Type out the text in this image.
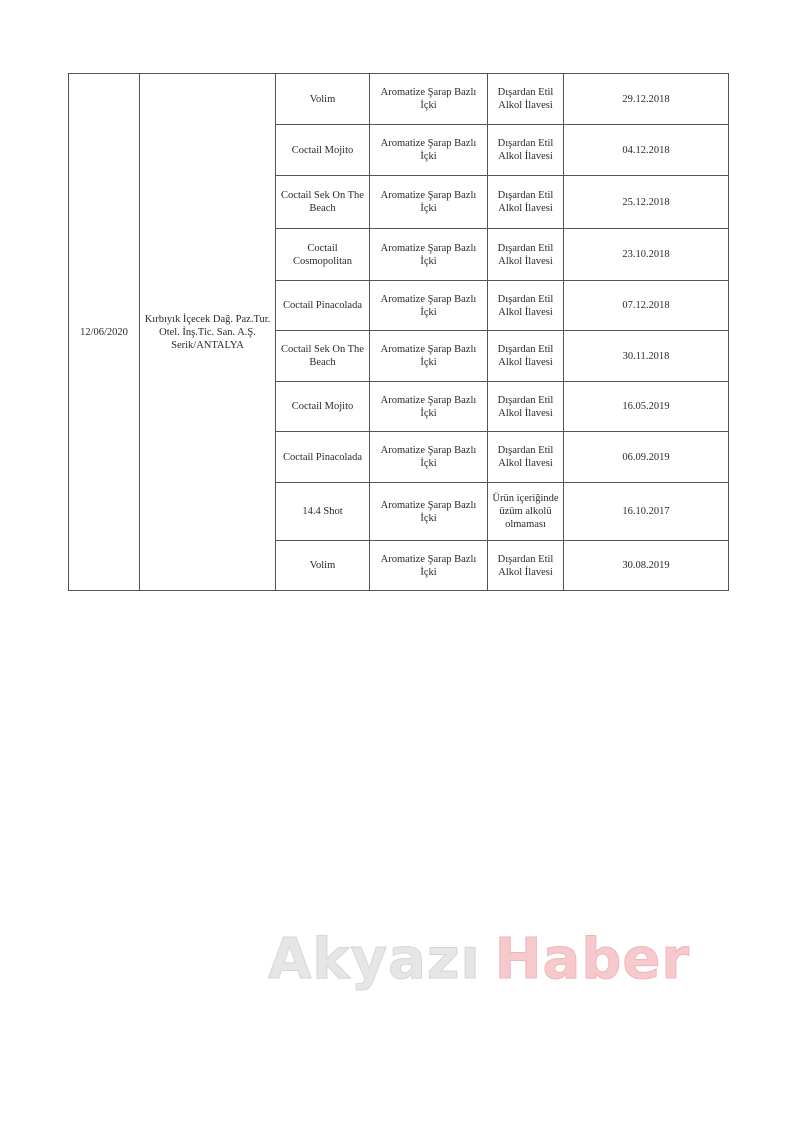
12/06/2020	Kırbıyık İçecek Dağ. Paz.Tur. Otel. İnş.Tic. San. A.Ş. Serik/ANTALYA	Volim	Aromatize Şarap Bazlı İçki	Dışardan Etil Alkol İlavesi	29.12.2018
		Coctail Mojito	Aromatize Şarap Bazlı İçki	Dışardan Etil Alkol İlavesi	04.12.2018
		Coctail Sek On The Beach	Aromatize Şarap Bazlı İçki	Dışardan Etil Alkol İlavesi	25.12.2018
		Coctail Cosmopolitan	Aromatize Şarap Bazlı İçki	Dışardan Etil Alkol İlavesi	23.10.2018
		Coctail Pinacolada	Aromatize Şarap Bazlı İçki	Dışardan Etil Alkol İlavesi	07.12.2018
		Coctail Sek On The Beach	Aromatize Şarap Bazlı İçki	Dışardan Etil Alkol İlavesi	30.11.2018
		Coctail Mojito	Aromatize Şarap Bazlı İçki	Dışardan Etil Alkol İlavesi	16.05.2019
		Coctail Pinacolada	Aromatize Şarap Bazlı İçki	Dışardan Etil Alkol İlavesi	06.09.2019
		14.4 Shot	Aromatize Şarap Bazlı İçki	Ürün içeriğinde üzüm alkolü olmaması	16.10.2017
		Volim	Aromatize Şarap Bazlı İçki	Dışardan Etil Alkol İlavesi	30.08.2019
Akyazı Haber
